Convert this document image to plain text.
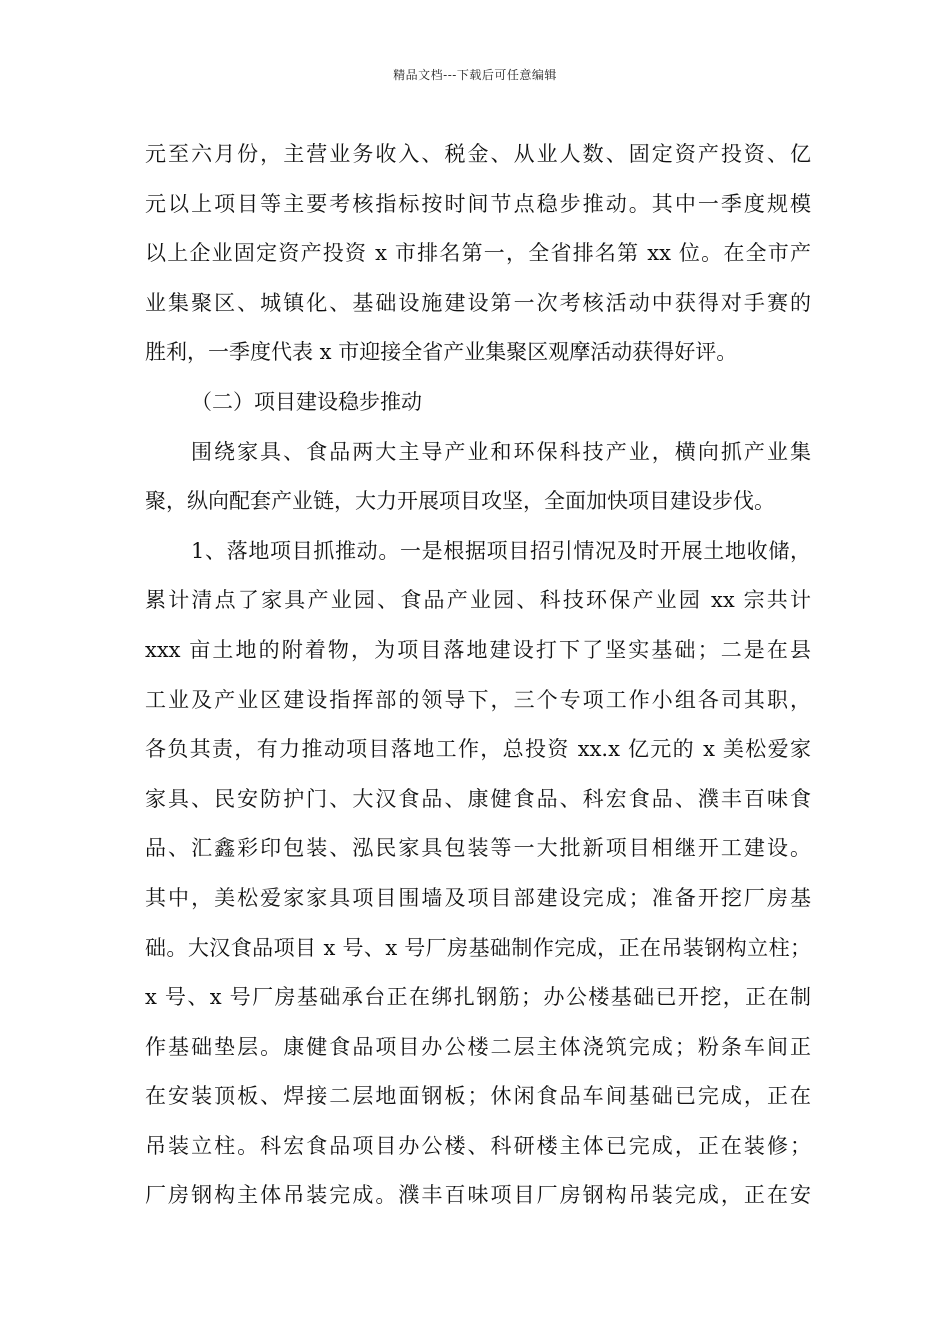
精品文档---下载后可任意编辑
元至六月份，主营业务收入、税金、从业人数、固定资产投资、亿
元以上项目等主要考核指标按时间节点稳步推动。其中一季度规模
以上企业固定资产投资 x 市排名第一，全省排名第 xx 位。在全市产
业集聚区、城镇化、基础设施建设第一次考核活动中获得对手赛的
胜利，一季度代表 x 市迎接全省产业集聚区观摩活动获得好评。
（二）项目建设稳步推动
围绕家具、食品两大主导产业和环保科技产业，横向抓产业集
聚，纵向配套产业链，大力开展项目攻坚，全面加快项目建设步伐。
1、落地项目抓推动。一是根据项目招引情况及时开展土地收储，
累计清点了家具产业园、食品产业园、科技环保产业园 xx 宗共计
xxx 亩土地的附着物，为项目落地建设打下了坚实基础；二是在县
工业及产业区建设指挥部的领导下，三个专项工作小组各司其职，
各负其责，有力推动项目落地工作，总投资 xx.x 亿元的 x 美松爱家
家具、民安防护门、大汉食品、康健食品、科宏食品、濮丰百味食
品、汇鑫彩印包装、泓民家具包装等一大批新项目相继开工建设。
其中，美松爱家家具项目围墙及项目部建设完成；准备开挖厂房基
础。大汉食品项目 x 号、x 号厂房基础制作完成，正在吊装钢构立柱；
x 号、x 号厂房基础承台正在绑扎钢筋；办公楼基础已开挖，正在制
作基础垫层。康健食品项目办公楼二层主体浇筑完成；粉条车间正
在安装顶板、焊接二层地面钢板；休闲食品车间基础已完成，正在
吊装立柱。科宏食品项目办公楼、科研楼主体已完成，正在装修；
厂房钢构主体吊装完成。濮丰百味项目厂房钢构吊装完成，正在安
